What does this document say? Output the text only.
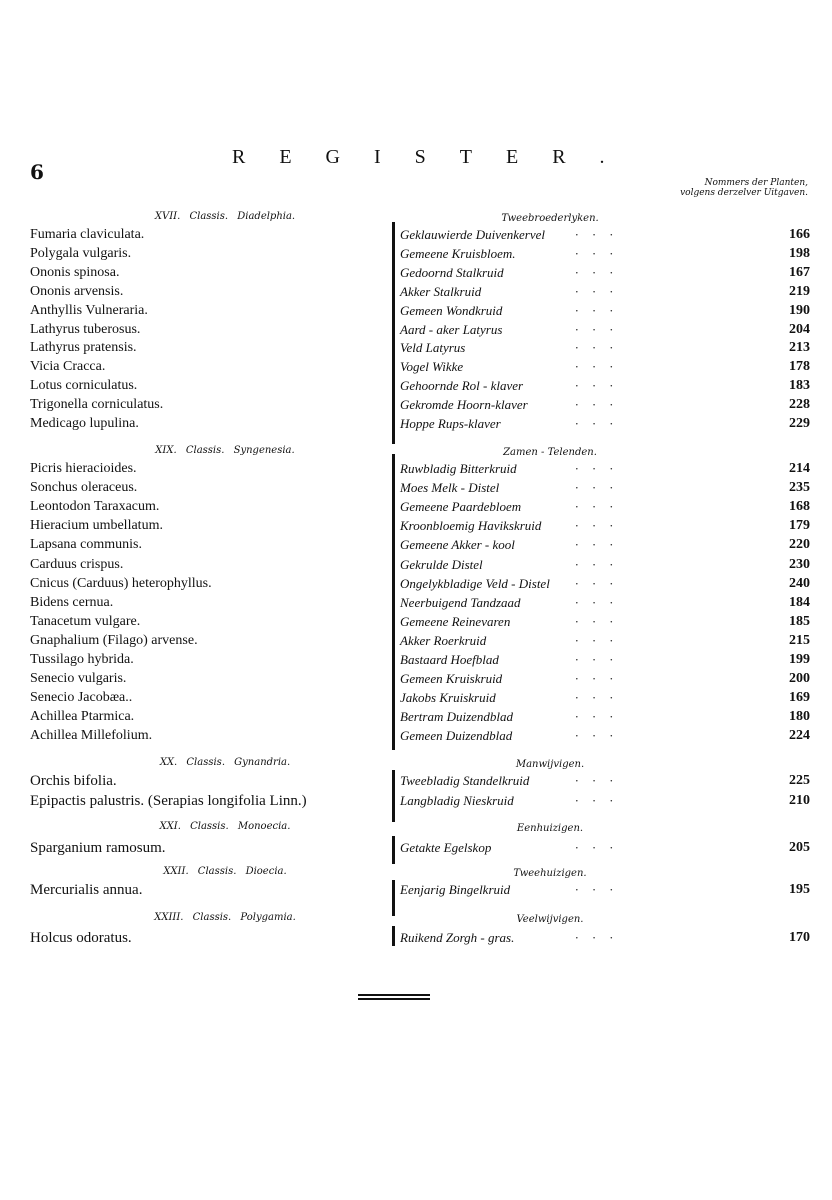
6
REGISTER.
Nommers der Planten,
volgens derzelver Uitgaven.
XVII. Classis. Diadelphia.	Tweebroederlyken.
Fumaria claviculata.	Geklauwierde Duivenkervel	···	166
Polygala vulgaris.	Gemeene Kruisbloem.	···	198
Ononis spinosa.	Gedoornd Stalkruid	···	167
Ononis arvensis.	Akker Stalkruid	···	219
Anthyllis Vulneraria.	Gemeen Wondkruid	···	190
Lathyrus tuberosus.	Aard - aker Latyrus	···	204
Lathyrus pratensis.	Veld Latyrus	···	213
Vicia Cracca.	Vogel Wikke	···	178
Lotus corniculatus.	Gehoornde Rol - klaver	···	183
Trigonella corniculatus.	Gekromde Hoorn-klaver	···	228
Medicago lupulina.	Hoppe Rups-klaver	···	229
XIX. Classis. Syngenesia.	Zamen - Telenden.
Picris hieracioides.	Ruwbladig Bitterkruid	···	214
Sonchus oleraceus.	Moes Melk - Distel	···	235
Leontodon Taraxacum.	Gemeene Paardebloem	···	168
Hieracium umbellatum.	Kroonbloemig Havikskruid	···	179
Lapsana communis.	Gemeene Akker - kool	···	220
Carduus crispus.	Gekrulde Distel	···	230
Cnicus (Carduus) heterophyllus.	Ongelykbladige Veld - Distel	···	240
Bidens cernua.	Neerbuigend Tandzaad	···	184
Tanacetum vulgare.	Gemeene Reinevaren	···	185
Gnaphalium (Filago) arvense.	Akker Roerkruid	···	215
Tussilago hybrida.	Bastaard Hoefblad	···	199
Senecio vulgaris.	Gemeen Kruiskruid	···	200
Senecio Jacobæa..	Jakobs Kruiskruid	···	169
Achillea Ptarmica.	Bertram Duizendblad	···	180
Achillea Millefolium.	Gemeen Duizendblad	···	224
XX. Classis. Gynandria.	Manwijvigen.
Orchis bifolia.	Tweebladig Standelkruid	···	225
Epipactis palustris. (Serapias longifolia Linn.)	Langbladig Nieskruid	···	210
XXI. Classis. Monoecia.	Eenhuizigen.
Sparganium ramosum.	Getakte Egelskop	···	205
XXII. Classis. Dioecia.	Tweehuizigen.
Mercurialis annua.	Eenjarig Bingelkruid	···	195
XXIII. Classis. Polygamia.	Veelwijvigen.
Holcus odoratus.	Ruikend Zorgh - gras.	···	170
